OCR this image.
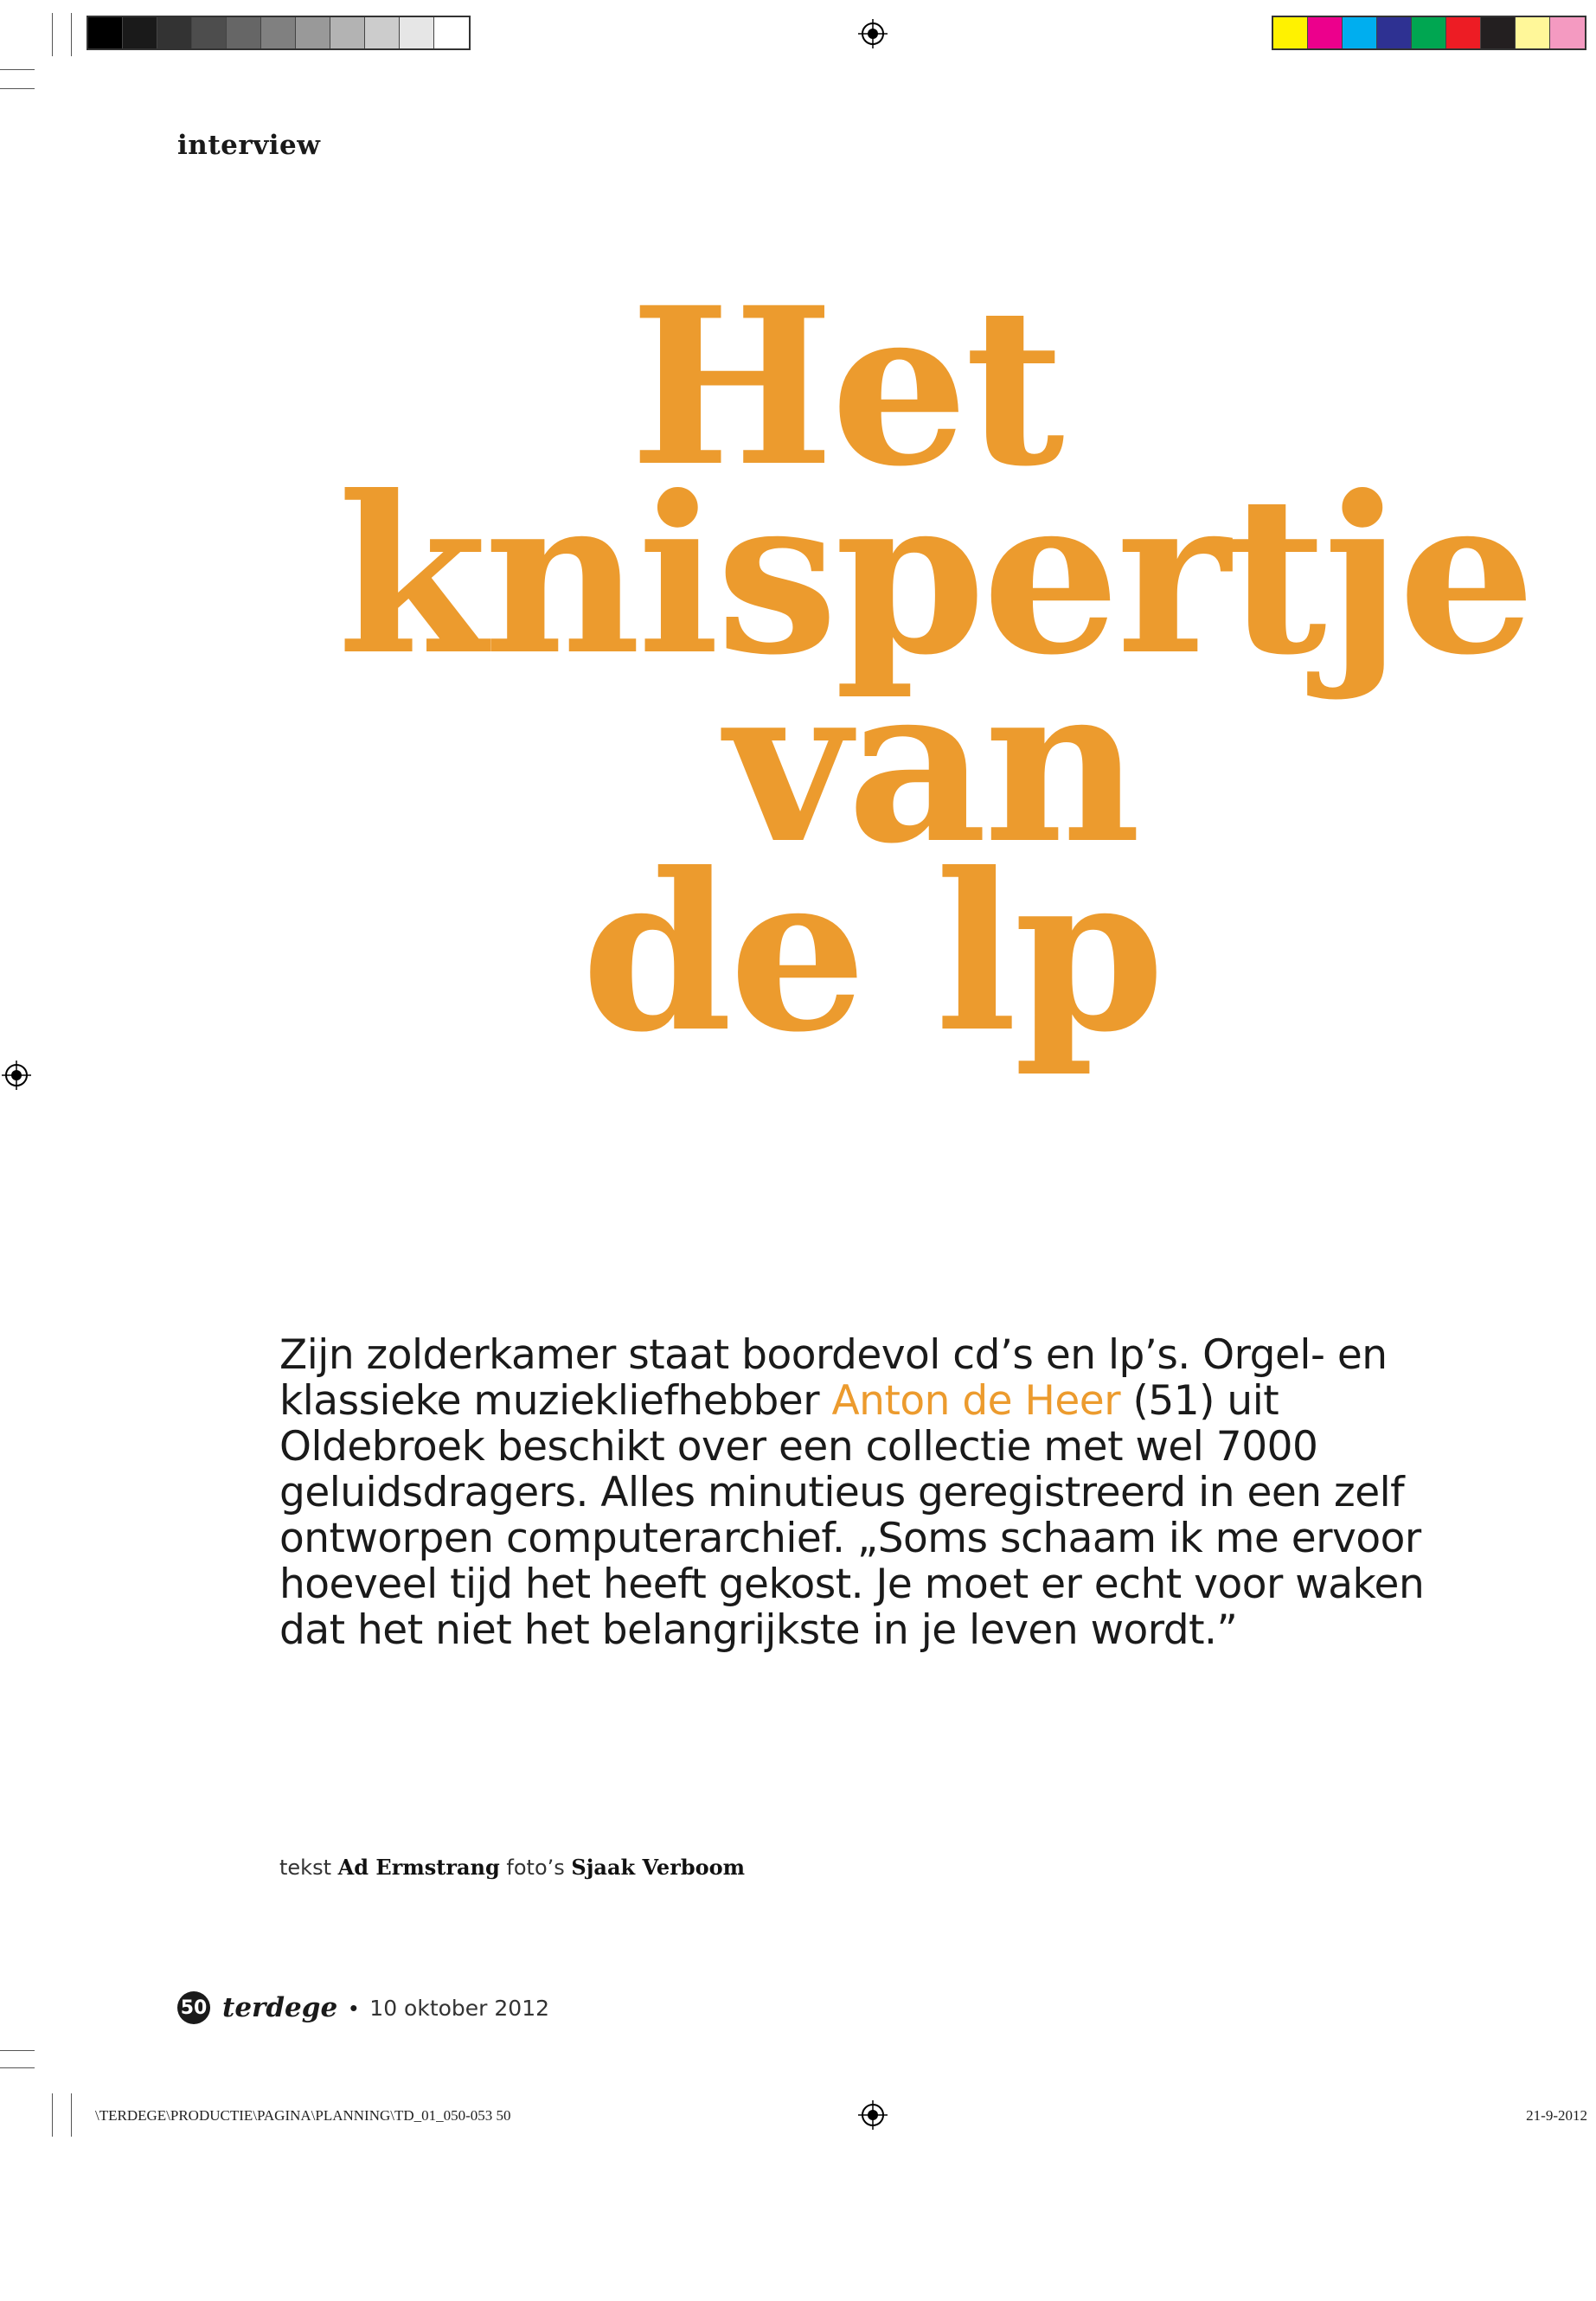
interview
Het
knispertje
van
de lp

Zijn zolderkamer staat boordevol cd’s en lp’s. Orgel- en klassieke muziekliefhebber Anton de Heer (51) uit Oldebroek beschikt over een collectie met wel 7000 geluidsdragers. Alles minutieus geregistreerd in een zelf ontworpen computerarchief. „Soms schaam ik me ervoor hoeveel tijd het heeft gekost. Je moet er echt voor waken dat het niet het belangrijkste in je leven wordt.”

tekst Ad Ermstrang foto’s Sjaak Verboom
50 terdege • 10 oktober 2012
\TERDEGE\PRODUCTIE\PAGINA\PLANNING\TD_01_050-053 50	21-9-2012
